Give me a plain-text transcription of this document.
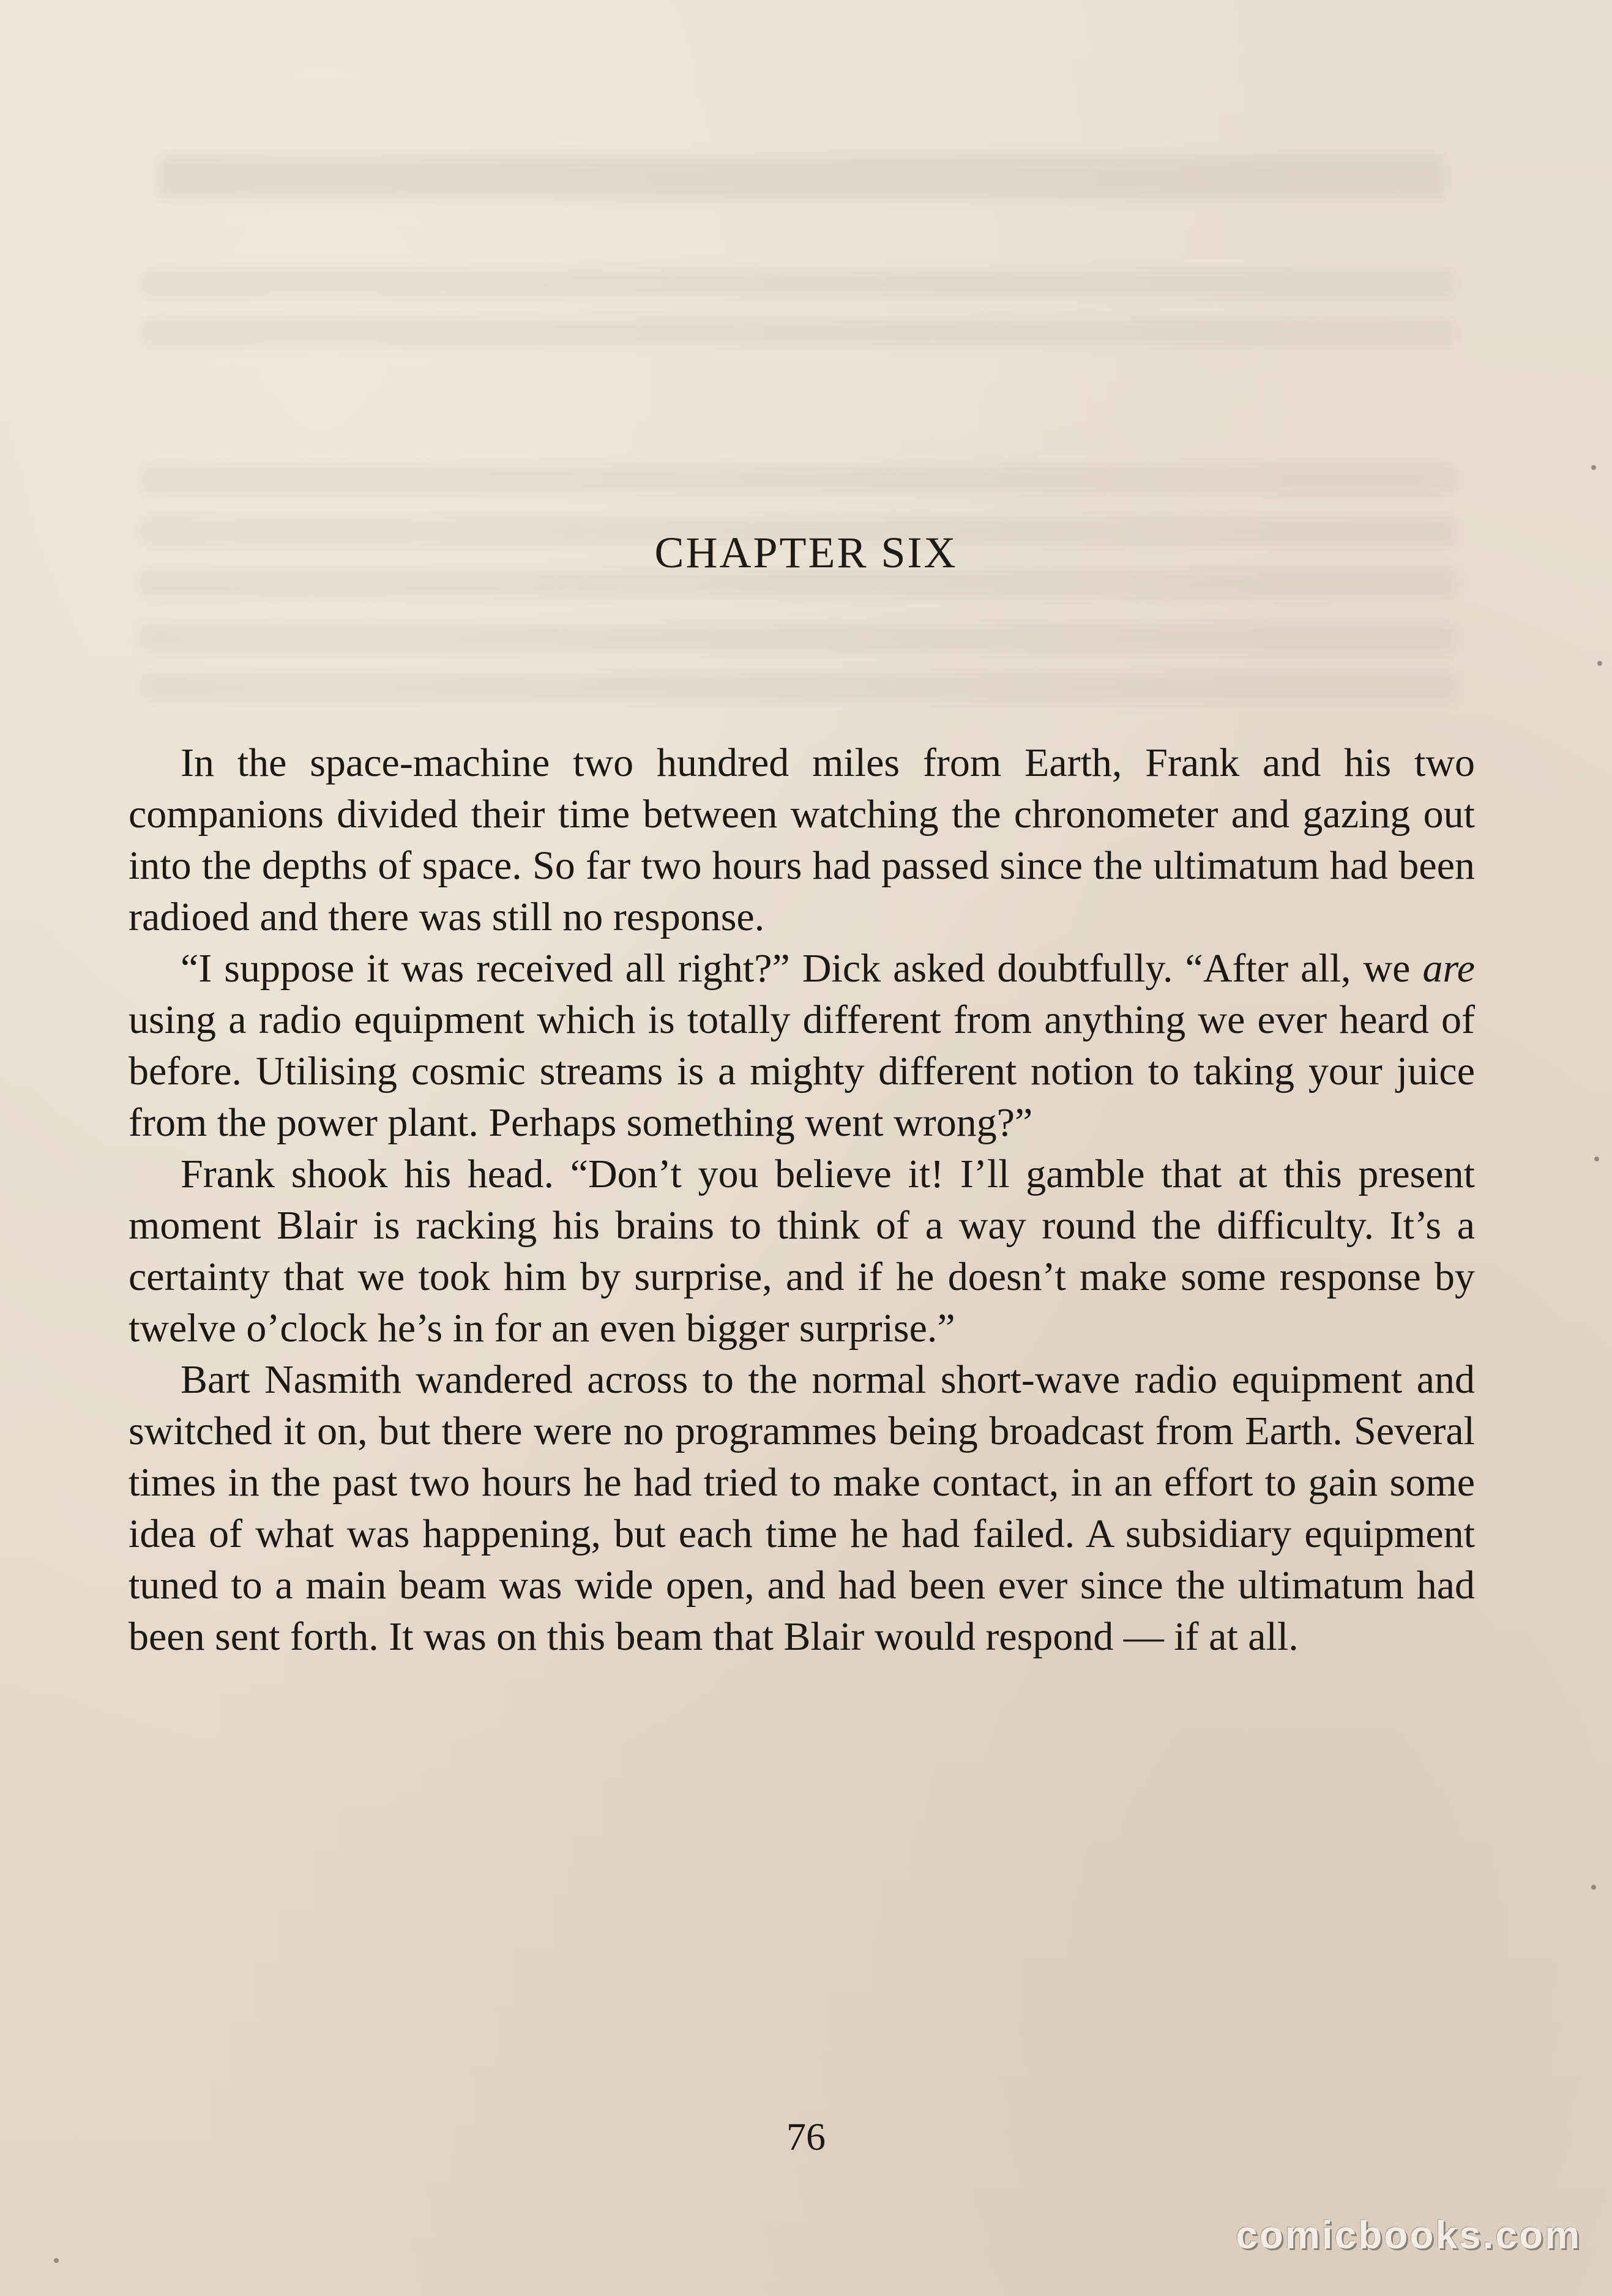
CHAPTER SIX

In the space-machine two hundred miles from Earth, Frank and his two companions divided their time between watching the chronometer and gazing out into the depths of space. So far two hours had passed since the ultimatum had been radioed and there was still no response.

“I suppose it was received all right?” Dick asked doubtfully. “After all, we are using a radio equipment which is totally different from anything we ever heard of before. Utilising cosmic streams is a mighty different notion to taking your juice from the power plant. Perhaps something went wrong?”

Frank shook his head. “Don’t you believe it! I’ll gamble that at this present moment Blair is racking his brains to think of a way round the difficulty. It’s a certainty that we took him by surprise, and if he doesn’t make some response by twelve o’clock he’s in for an even bigger surprise.”

Bart Nasmith wandered across to the normal short-wave radio equipment and switched it on, but there were no programmes being broadcast from Earth. Several times in the past two hours he had tried to make contact, in an effort to gain some idea of what was happening, but each time he had failed. A subsidiary equipment tuned to a main beam was wide open, and had been ever since the ultimatum had been sent forth. It was on this beam that Blair would respond — if at all.

76
comicbooks.com
